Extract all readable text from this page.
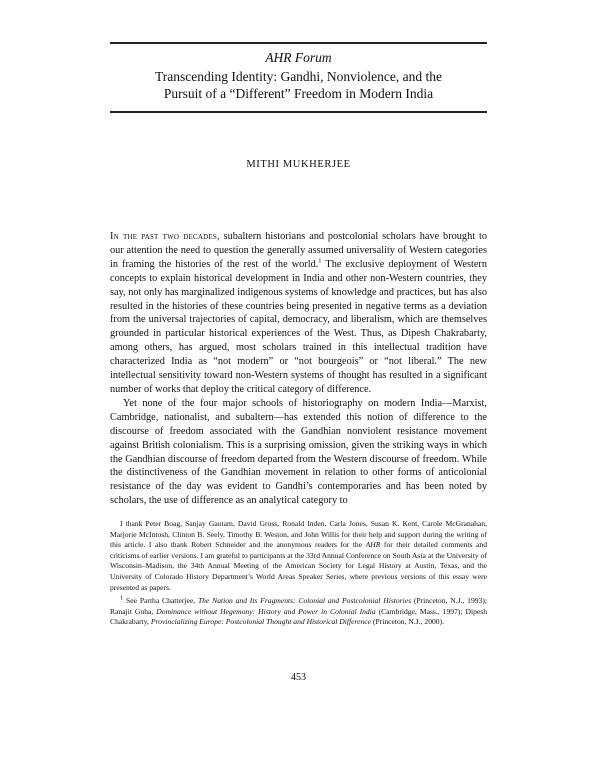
AHR Forum
Transcending Identity: Gandhi, Nonviolence, and the
Pursuit of a “Different” Freedom in Modern India
MITHI MUKHERJEE

In the past two decades, subaltern historians and postcolonial scholars have brought to our attention the need to question the generally assumed universality of Western categories in framing the histories of the rest of the world.$^1$ The exclusive deployment of Western concepts to explain historical development in India and other non-Western countries, they say, not only has marginalized indigenous systems of knowledge and practices, but has also resulted in the histories of these countries being presented in negative terms as a deviation from the universal trajectories of capital, democracy, and liberalism, which are themselves grounded in particular historical experiences of the West. Thus, as Dipesh Chakrabarty, among others, has argued, most scholars trained in this intellectual tradition have characterized India as “not modern” or “not bourgeois” or “not liberal.” The new intellectual sensitivity toward non-Western systems of thought has resulted in a significant number of works that deploy the critical category of difference.

Yet none of the four major schools of historiography on modern India—Marxist, Cambridge, nationalist, and subaltern—has extended this notion of difference to the discourse of freedom associated with the Gandhian nonviolent resistance movement against British colonialism. This is a surprising omission, given the striking ways in which the Gandhian discourse of freedom departed from the Western discourse of freedom. While the distinctiveness of the Gandhian movement in relation to other forms of anticolonial resistance of the day was evident to Gandhi’s contemporaries and has been noted by scholars, the use of difference as an analytical category to

I thank Peter Boag, Sanjay Gautam, David Gross, Ronald Inden, Carla Jones, Susan K. Kent, Carole McGranahan, Marjorie McIntosh, Clinton B. Seely, Timothy B. Weston, and John Willis for their help and support during the writing of this article. I also thank Robert Schneider and the anonymous readers for the AHR for their detailed comments and criticisms of earlier versions. I am grateful to participants at the 33rd Annual Conference on South Asia at the University of Wisconsin–Madison, the 34th Annual Meeting of the American Society for Legal History at Austin, Texas, and the University of Colorado History Department’s World Areas Speaker Series, where previous versions of this essay were presented as papers.

$^1$ See Partha Chatterjee, The Nation and Its Fragments: Colonial and Postcolonial Histories (Princeton, N.J., 1993); Ranajit Guha, Dominance without Hegemony: History and Power in Colonial India (Cambridge, Mass., 1997); Dipesh Chakrabarty, Provincializing Europe: Postcolonial Thought and Historical Difference (Princeton, N.J., 2000).

453
